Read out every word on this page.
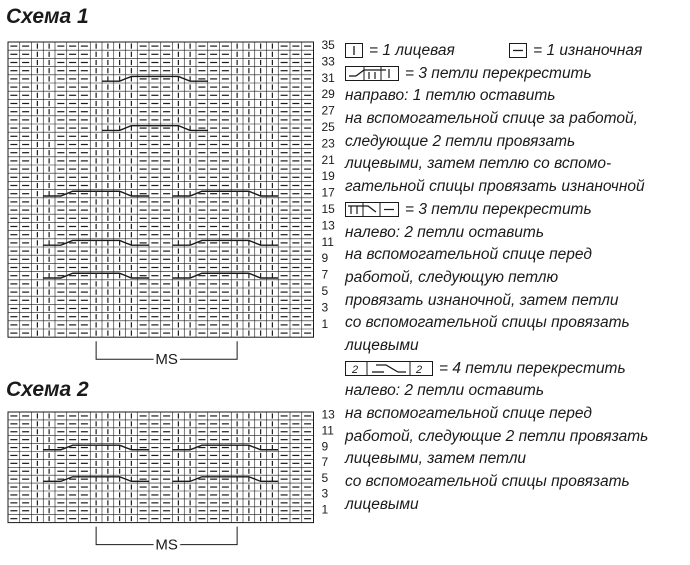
Схема 1
35
33
31
29
27
25
23
21
19
17
15
13
11
9
7
5
3
1
MS
Схема 2
13
11
9
7
5
3
1
MS
= 1 лицевая	= 1 изнаночная
= 3 петли перекрестить
направо: 1 петлю оставить
на вспомогательной спице за работой,
следующие 2 петли провязать
лицевыми, затем петлю со вспомо-
гательной спицы провязать изнаночной
= 3 петли перекрестить
налево: 2 петли оставить
на вспомогательной спице перед
работой, следующую петлю
провязать изнаночной, затем петли
со вспомогательной спицы провязать
лицевыми
2	2 = 4 петли перекрестить
налево: 2 петли оставить
на вспомогательной спице перед
работой, следующие 2 петли провязать
лицевыми, затем петли
со вспомогательной спицы провязать
лицевыми
